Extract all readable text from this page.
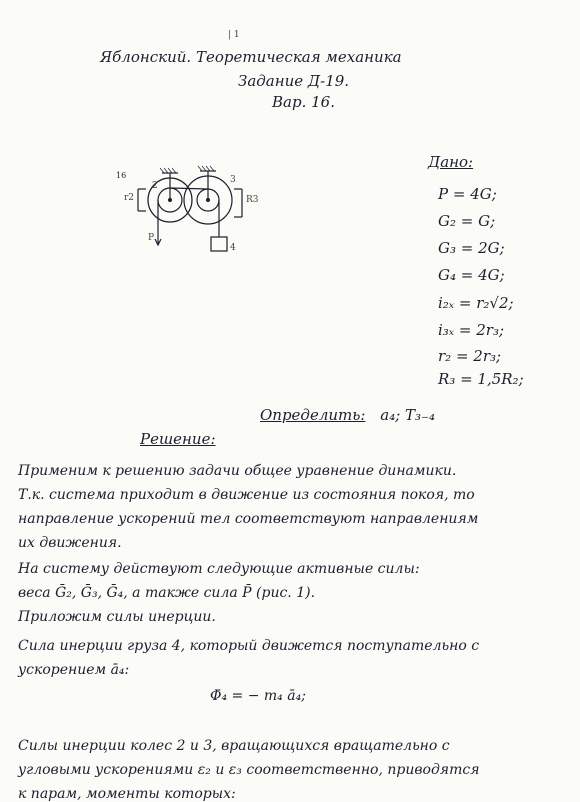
| 1
Яблонский. Теоретическая механика
Задание Д-19.
Вар. 16.
16
2
3
4
P
r2	R3
Дано:
P = 4G;
G₂ = G;
G₃ = 2G;
G₄ = 4G;
i₂ₓ = r₂√2;
i₃ₓ = 2r₃;
r₂ = 2r₃;
R₃ = 1,5R₂;
Определить: a₄; T₃₋₄
Решение:
Применим к решению задачи общее уравнение динамики.
Т.к. система приходит в движение из состояния покоя, то
направление ускорений тел соответствуют направлениям
их движения.
На систему действуют следующие активные силы:
веса Ḡ₂, Ḡ₃, Ḡ₄, а также сила P̄ (рис. 1).
Приложим силы инерции.
Сила инерции груза 4, который движется поступательно с
ускорением ā₄:
Φ̄₄ = − m₄ ā₄;
Силы инерции колес 2 и 3, вращающихся вращательно с
угловыми ускорениями ε₂ и ε₃ соответственно, приводятся
к парам, моменты которых:
